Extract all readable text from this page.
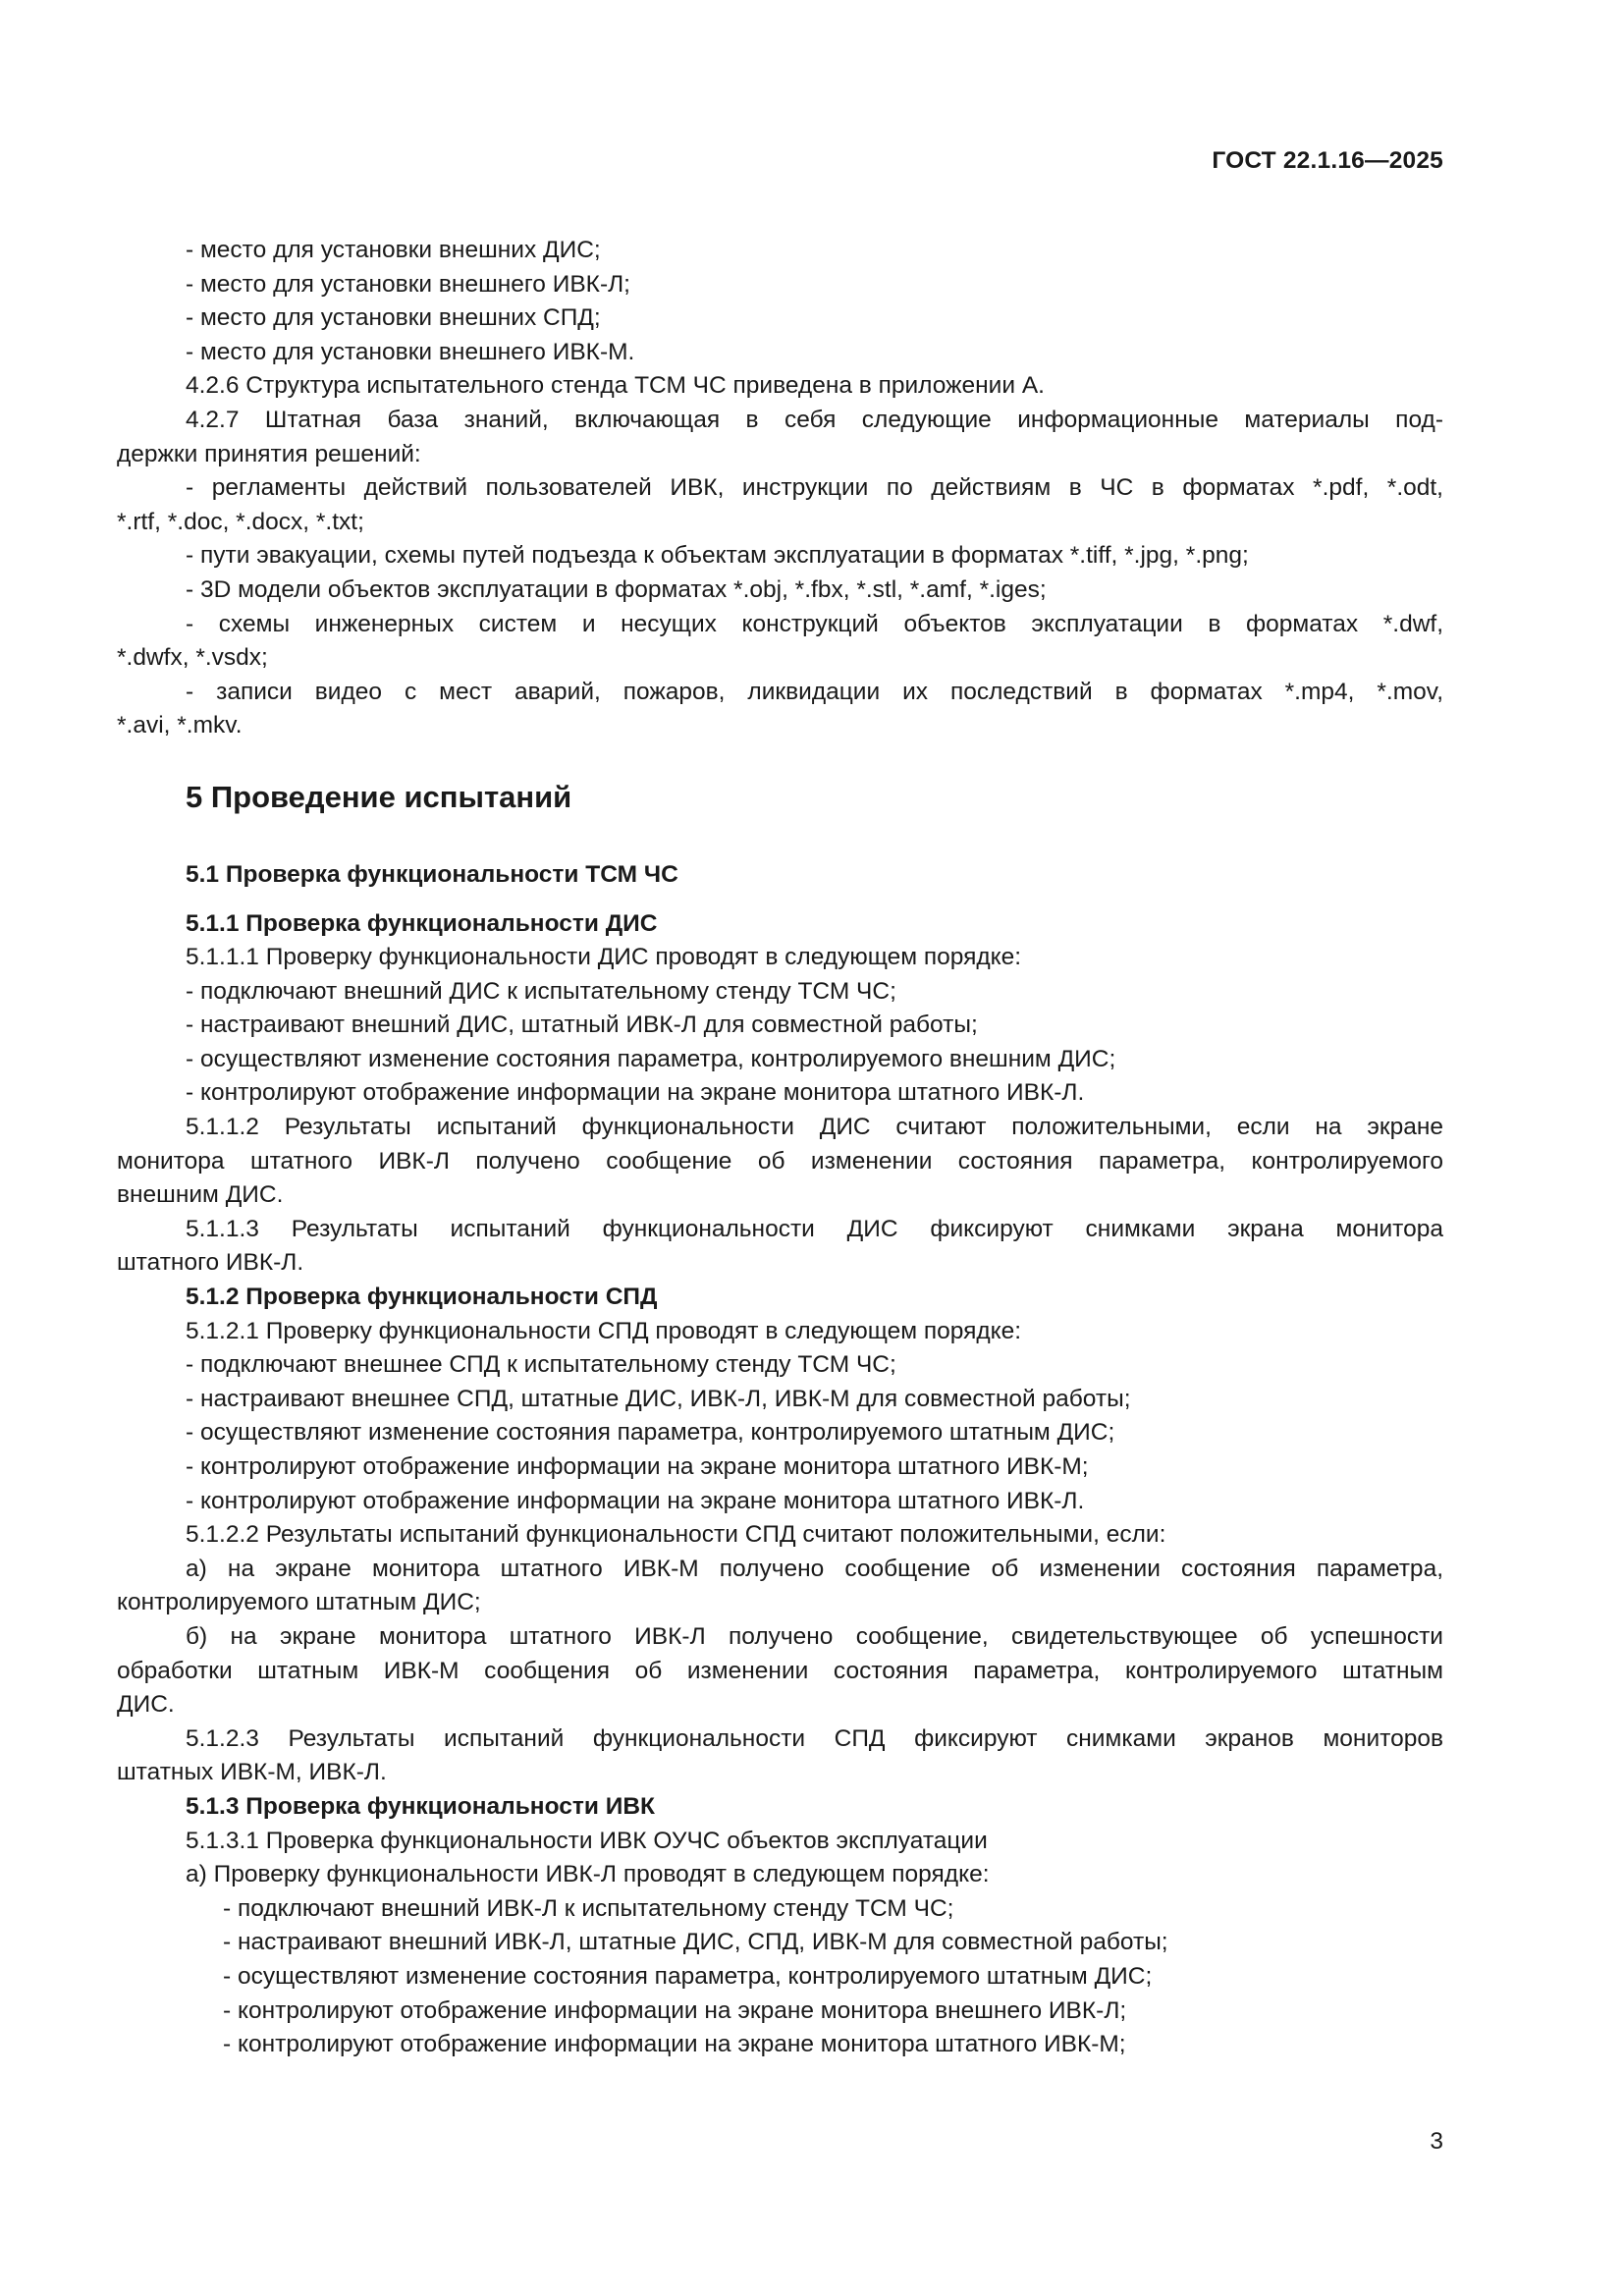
ГОСТ 22.1.16—2025
- место для установки внешних ДИС;
- место для установки внешнего ИВК-Л;
- место для установки внешних СПД;
- место для установки внешнего ИВК-М.
4.2.6 Структура испытательного стенда ТСМ ЧС приведена в приложении А.
4.2.7 Штатная база знаний, включающая в себя следующие информационные материалы под-
держки принятия решений:
- регламенты действий пользователей ИВК, инструкции по действиям в ЧС в форматах *.pdf, *.odt,
*.rtf, *.doc, *.docx, *.txt;
- пути эвакуации, схемы путей подъезда к объектам эксплуатации в форматах *.tiff, *.jpg, *.png;
- 3D модели объектов эксплуатации в форматах *.obj, *.fbx, *.stl, *.amf, *.iges;
- схемы инженерных систем и несущих конструкций объектов эксплуатации в форматах *.dwf,
*.dwfx, *.vsdx;
- записи видео с мест аварий, пожаров, ликвидации их последствий в форматах *.mp4, *.mov,
*.avi, *.mkv.
5 Проведение испытаний
5.1 Проверка функциональности ТСМ ЧС
5.1.1 Проверка функциональности ДИС
5.1.1.1 Проверку функциональности ДИС проводят в следующем порядке:
- подключают внешний ДИС к испытательному стенду ТСМ ЧС;
- настраивают внешний ДИС, штатный ИВК-Л для совместной работы;
- осуществляют изменение состояния параметра, контролируемого внешним ДИС;
- контролируют отображение информации на экране монитора штатного ИВК-Л.
5.1.1.2 Результаты испытаний функциональности ДИС считают положительными, если на экране
монитора штатного ИВК-Л получено сообщение об изменении состояния параметра, контролируемого
внешним ДИС.
5.1.1.3 Результаты испытаний функциональности ДИС фиксируют снимками экрана монитора
штатного ИВК-Л.
5.1.2 Проверка функциональности СПД
5.1.2.1 Проверку функциональности СПД проводят в следующем порядке:
- подключают внешнее СПД к испытательному стенду ТСМ ЧС;
- настраивают внешнее СПД, штатные ДИС, ИВК-Л, ИВК-М для совместной работы;
- осуществляют изменение состояния параметра, контролируемого штатным ДИС;
- контролируют отображение информации на экране монитора штатного ИВК-М;
- контролируют отображение информации на экране монитора штатного ИВК-Л.
5.1.2.2 Результаты испытаний функциональности СПД считают положительными, если:
а) на экране монитора штатного ИВК-М получено сообщение об изменении состояния параметра,
контролируемого штатным ДИС;
б) на экране монитора штатного ИВК-Л получено сообщение, свидетельствующее об успешности
обработки штатным ИВК-М сообщения об изменении состояния параметра, контролируемого штатным
ДИС.
5.1.2.3 Результаты испытаний функциональности СПД фиксируют снимками экранов мониторов
штатных ИВК-М, ИВК-Л.
5.1.3 Проверка функциональности ИВК
5.1.3.1 Проверка функциональности ИВК ОУЧС объектов эксплуатации
а) Проверку функциональности ИВК-Л проводят в следующем порядке:
- подключают внешний ИВК-Л к испытательному стенду ТСМ ЧС;
- настраивают внешний ИВК-Л, штатные ДИС, СПД, ИВК-М для совместной работы;
- осуществляют изменение состояния параметра, контролируемого штатным ДИС;
- контролируют отображение информации на экране монитора внешнего ИВК-Л;
- контролируют отображение информации на экране монитора штатного ИВК-М;
3
